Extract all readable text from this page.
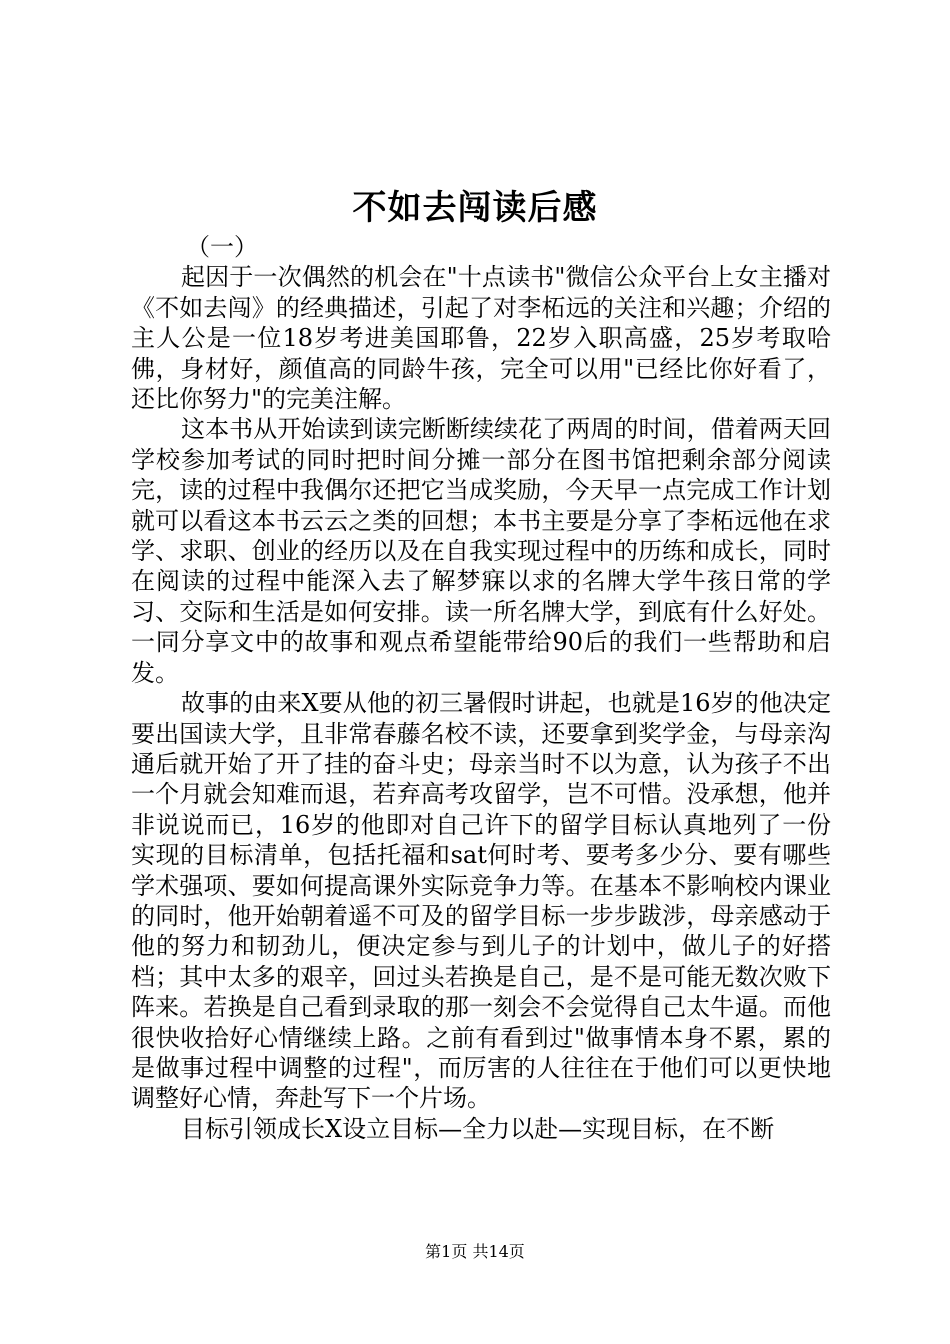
不如去闯读后感

（一）

起因于一次偶然的机会在"十点读书"微信公众平台上女主播对《不如去闯》的经典描述，引起了对李柘远的关注和兴趣；介绍的主人公是一位18岁考进美国耶鲁，22岁入职高盛，25岁考取哈佛，身材好，颜值高的同龄牛孩，完全可以用"已经比你好看了，还比你努力"的完美注解。

这本书从开始读到读完断断续续花了两周的时间，借着两天回学校参加考试的同时把时间分摊一部分在图书馆把剩余部分阅读完，读的过程中我偶尔还把它当成奖励，今天早一点完成工作计划就可以看这本书云云之类的回想；本书主要是分享了李柘远他在求学、求职、创业的经历以及在自我实现过程中的历练和成长，同时在阅读的过程中能深入去了解梦寐以求的名牌大学牛孩日常的学习、交际和生活是如何安排。读一所名牌大学，到底有什么好处。一同分享文中的故事和观点希望能带给90后的我们一些帮助和启发。

故事的由来X要从他的初三暑假时讲起，也就是16岁的他决定要出国读大学，且非常春藤名校不读，还要拿到奖学金，与母亲沟通后就开始了开了挂的奋斗史；母亲当时不以为意，认为孩子不出一个月就会知难而退，若弃高考攻留学，岂不可惜。没承想，他并非说说而已，16岁的他即对自己许下的留学目标认真地列了一份实现的目标清单，包括托福和sat何时考、要考多少分、要有哪些学术强项、要如何提高课外实际竞争力等。在基本不影响校内课业的同时，他开始朝着遥不可及的留学目标一步步跋涉，母亲感动于他的努力和韧劲儿，便决定参与到儿子的计划中，做儿子的好搭档；其中太多的艰辛，回过头若换是自己，是不是可能无数次败下阵来。若换是自己看到录取的那一刻会不会觉得自己太牛逼。而他很快收拾好心情继续上路。之前有看到过"做事情本身不累，累的是做事过程中调整的过程"，而厉害的人往往在于他们可以更快地调整好心情，奔赴写下一个片场。

目标引领成长X设立目标—全力以赴—实现目标，在不断

第1页 共14页
